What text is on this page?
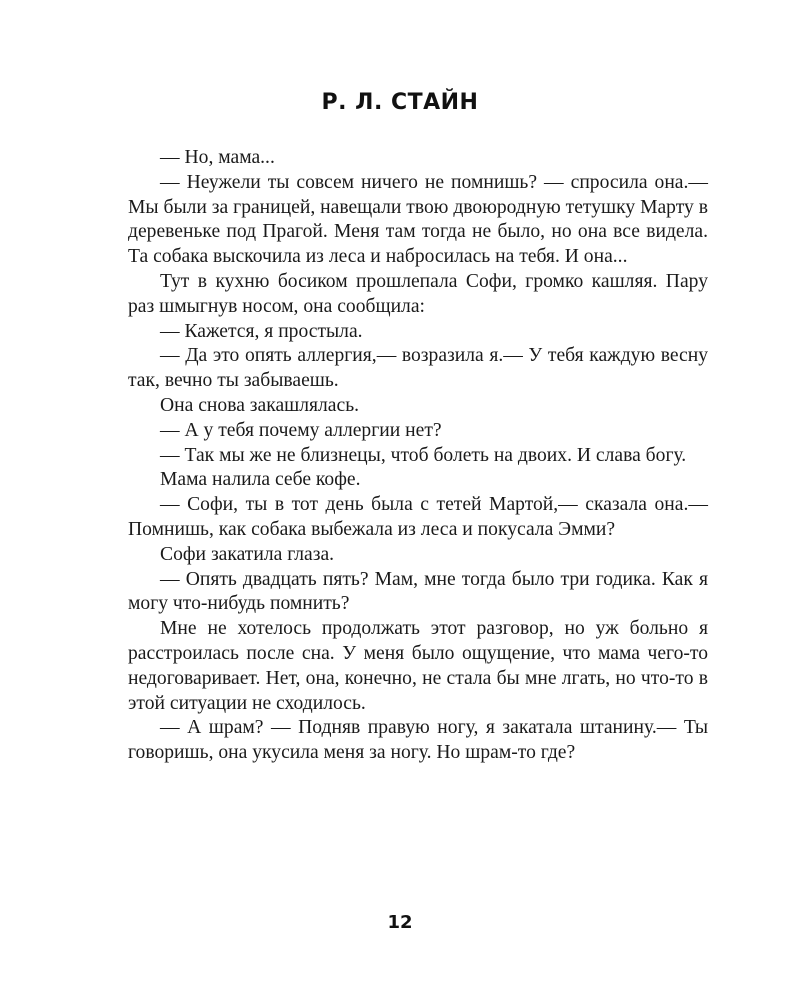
Р. Л. СТАЙН

— Но, мама...

— Неужели ты совсем ничего не помнишь? — спросила она.— Мы были за границей, навещали твою двоюродную тетушку Марту в деревеньке под Прагой. Меня там тогда не было, но она все видела. Та собака выскочила из леса и набросилась на тебя. И она...

Тут в кухню босиком прошлепала Софи, громко кашляя. Пару раз шмыгнув носом, она сообщила:

— Кажется, я простыла.

— Да это опять аллергия,— возразила я.— У тебя каждую весну так, вечно ты забываешь.

Она снова закашлялась.

— А у тебя почему аллергии нет?

— Так мы же не близнецы, чтоб болеть на двоих. И слава богу.

Мама налила себе кофе.

— Софи, ты в тот день была с тетей Мартой,— сказала она.— Помнишь, как собака выбежала из леса и покусала Эмми?

Софи закатила глаза.

— Опять двадцать пять? Мам, мне тогда было три годика. Как я могу что-нибудь помнить?

Мне не хотелось продолжать этот разговор, но уж больно я расстроилась после сна. У меня было ощущение, что мама чего-то недоговаривает. Нет, она, конечно, не стала бы мне лгать, но что-то в этой ситуации не сходилось.

— А шрам? — Подняв правую ногу, я закатала штанину.— Ты говоришь, она укусила меня за ногу. Но шрам-то где?

12
